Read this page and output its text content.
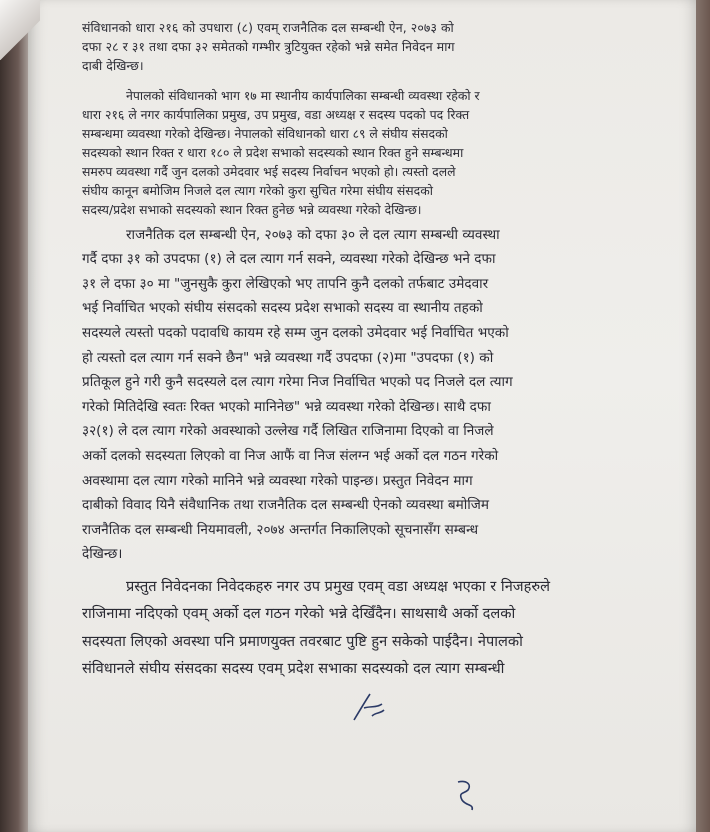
संविधानको धारा २१६ को उपधारा (८) एवम् राजनैतिक दल सम्बन्धी ऐन, २०७३ को
दफा २८ र ३१ तथा दफा ३२ समेतको गम्भीर त्रुटियुक्त रहेको भन्ने समेत निवेदन माग
दाबी देखिन्छ।
नेपालको संविधानको भाग १७ मा स्थानीय कार्यपालिका सम्बन्धी व्यवस्था रहेको र
धारा २१६ ले नगर कार्यपालिका प्रमुख, उप प्रमुख, वडा अध्यक्ष र सदस्य पदको पद रिक्त
सम्बन्धमा व्यवस्था गरेको देखिन्छ। नेपालको संविधानको धारा ८९ ले संघीय संसदको
सदस्यको स्थान रिक्त र धारा १८० ले प्रदेश सभाको सदस्यको स्थान रिक्त हुने सम्बन्धमा
समरुप व्यवस्था गर्दै जुन दलको उमेदवार भई सदस्य निर्वाचन भएको हो। त्यस्तो दलले
संघीय कानून बमोजिम निजले दल त्याग गरेको कुरा सुचित गरेमा संघीय संसदको
सदस्य/प्रदेश सभाको सदस्यको स्थान रिक्त हुनेछ भन्ने व्यवस्था गरेको देखिन्छ।
राजनैतिक दल सम्बन्धी ऐन, २०७३ को दफा ३० ले दल त्याग सम्बन्धी व्यवस्था
गर्दै दफा ३१ को उपदफा (१) ले दल त्याग गर्न सक्ने, व्यवस्था गरेको देखिन्छ भने दफा
३१ ले दफा ३० मा "जुनसुकै कुरा लेखिएको भए तापनि कुनै दलको तर्फबाट उमेदवार
भई निर्वाचित भएको संघीय संसदको सदस्य प्रदेश सभाको सदस्य वा स्थानीय तहको
सदस्यले त्यस्तो पदको पदावधि कायम रहे सम्म जुन दलको उमेदवार भई निर्वाचित भएको
हो त्यस्तो दल त्याग गर्न सक्ने छैन" भन्ने व्यवस्था गर्दै उपदफा (२)मा "उपदफा (१) को
प्रतिकूल हुने गरी कुनै सदस्यले दल त्याग गरेमा निज निर्वाचित भएको पद निजले दल त्याग
गरेको मितिदेखि स्वतः रिक्त भएको मानिनेछ" भन्ने व्यवस्था गरेको देखिन्छ। साथै दफा
३२(१) ले दल त्याग गरेको अवस्थाको उल्लेख गर्दै लिखित राजिनामा दिएको वा निजले
अर्को दलको सदस्यता लिएको वा निज आफैं वा निज संलग्न भई अर्को दल गठन गरेको
अवस्थामा दल त्याग गरेको मानिने भन्ने व्यवस्था गरेको पाइन्छ। प्रस्तुत निवेदन माग
दाबीको विवाद यिनै संवैधानिक तथा राजनैतिक दल सम्बन्धी ऐनको व्यवस्था बमोजिम
राजनैतिक दल सम्बन्धी नियमावली, २०७४ अन्तर्गत निकालिएको सूचनासँग सम्बन्ध
देखिन्छ।
प्रस्तुत निवेदनका निवेदकहरु नगर उप प्रमुख एवम् वडा अध्यक्ष भएका र निजहरुले
राजिनामा नदिएको एवम् अर्को दल गठन गरेको भन्ने देखिँदैन। साथसाथै अर्को दलको
सदस्यता लिएको अवस्था पनि प्रमाणयुक्त तवरबाट पुष्टि हुन सकेको पाईदैन। नेपालको
संविधानले संघीय संसदका सदस्य एवम् प्रदेश सभाका सदस्यको दल त्याग सम्बन्धी
